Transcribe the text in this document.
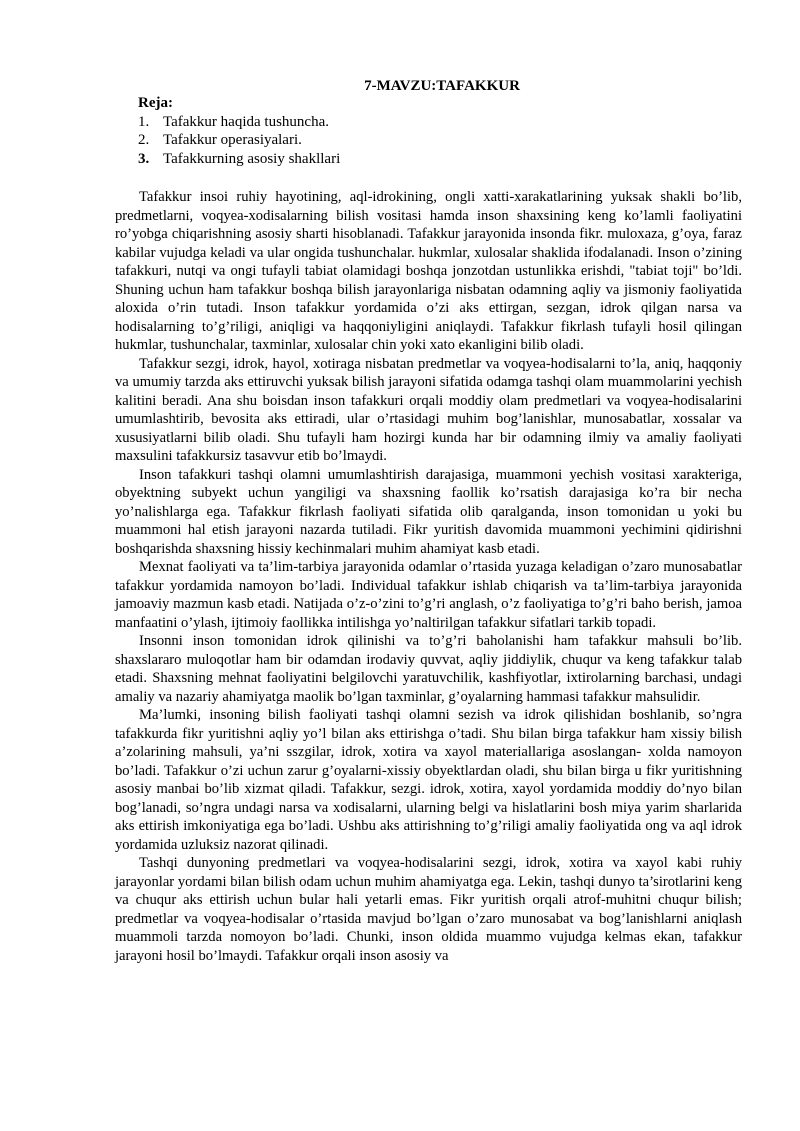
7-MAVZU:TAFAKKUR

Reja:

1. Tafakkur haqida tushuncha.
2. Tafakkur operasiyalari.
3. Tafakkurning asosiy shakllari

Tafakkur insoi ruhiy hayotining, aql-idrokining, ongli xatti-xarakatlarining yuksak shakli bo’lib, predmetlarni, voqyea-xodisalarning bilish vositasi hamda inson shaxsining keng ko’lamli faoliyatini ro’yobga chiqarishning asosiy sharti hisoblanadi. Tafakkur jarayonida insonda fikr. muloxaza, g’oya, faraz kabilar vujudga keladi va ular ongida tushunchalar. hukmlar, xulosalar shaklida ifodalanadi. Inson o’zining tafakkuri, nutqi va ongi tufayli tabiat olamidagi boshqa jonzotdan ustunlikka erishdi, "tabiat toji" bo’ldi. Shuning uchun ham tafakkur boshqa bilish jarayonlariga nisbatan odamning aqliy va jismoniy faoliyatida aloxida o’rin tutadi. Inson tafakkur yordamida o’zi aks ettirgan, sezgan, idrok qilgan narsa va hodisalarning to’g’riligi, aniqligi va haqqoniyligini aniqlaydi. Tafakkur fikrlash tufayli hosil qilingan hukmlar, tushunchalar, taxminlar, xulosalar chin yoki xato ekanligini bilib oladi.

Tafakkur sezgi, idrok, hayol, xotiraga nisbatan predmetlar va voqyea-hodisalarni to’la, aniq, haqqoniy va umumiy tarzda aks ettiruvchi yuksak bilish jarayoni sifatida odamga tashqi olam muammolarini yechish kalitini beradi. Ana shu boisdan inson tafakkuri orqali moddiy olam predmetlari va voqyea-hodisalarini umumlashtirib, bevosita aks ettiradi, ular o’rtasidagi muhim bog’lanishlar, munosabatlar, xossalar va xususiyatlarni bilib oladi. Shu tufayli ham hozirgi kunda har bir odamning ilmiy va amaliy faoliyati maxsulini tafakkursiz tasavvur etib bo’lmaydi.

Inson tafakkuri tashqi olamni umumlashtirish darajasiga, muammoni yechish vositasi xarakteriga, obyektning subyekt uchun yangiligi va shaxsning faollik ko’rsatish darajasiga ko’ra bir necha yo’nalishlarga ega. Tafakkur fikrlash faoliyati sifatida olib qaralganda, inson tomonidan u yoki bu muammoni hal etish jarayoni nazarda tutiladi. Fikr yuritish davomida muammoni yechimini qidirishni boshqarishda shaxsning hissiy kechinmalari muhim ahamiyat kasb etadi.

Mexnat faoliyati va ta’lim-tarbiya jarayonida odamlar o’rtasida yuzaga keladigan o’zaro munosabatlar tafakkur yordamida namoyon bo’ladi. Individual tafakkur ishlab chiqarish va ta’lim-tarbiya jarayonida jamoaviy mazmun kasb etadi. Natijada o’z-o’zini to’g’ri anglash, o’z faoliyatiga to’g’ri baho berish, jamoa manfaatini o’ylash, ijtimoiy faollikka intilishga yo’naltirilgan tafakkur sifatlari tarkib topadi.

Insonni inson tomonidan idrok qilinishi va to’g’ri baholanishi ham tafakkur mahsuli bo’lib. shaxslararo muloqotlar ham bir odamdan irodaviy quvvat, aqliy jiddiylik, chuqur va keng tafakkur talab etadi. Shaxsning mehnat faoliyatini belgilovchi yaratuvchilik, kashfiyotlar, ixtirolarning barchasi, undagi amaliy va nazariy ahamiyatga maolik bo’lgan taxminlar, g’oyalarning hammasi tafakkur mahsulidir.

Ma’lumki, insoning bilish faoliyati tashqi olamni sezish va idrok qilishidan boshlanib, so’ngra tafakkurda fikr yuritishni aqliy yo’l bilan aks ettirishga o’tadi. Shu bilan birga tafakkur ham xissiy bilish a’zolarining mahsuli, ya’ni sszgilar, idrok, xotira va xayol materiallariga asoslangan- xolda namoyon bo’ladi. Tafakkur o’zi uchun zarur g’oyalarni-xissiy obyektlardan oladi, shu bilan birga u fikr yuritishning asosiy manbai bo’lib xizmat qiladi. Tafakkur, sezgi. idrok, xotira, xayol yordamida moddiy do’nyo bilan bog’lanadi, so’ngra undagi narsa va xodisalarni, ularning belgi va hislatlarini bosh miya yarim sharlarida aks ettirish imkoniyatiga ega bo’ladi. Ushbu aks attirishning to’g’riligi amaliy faoliyatida ong va aql idrok yordamida uzluksiz nazorat qilinadi.

Tashqi dunyoning predmetlari va voqyea-hodisalarini sezgi, idrok, xotira va xayol kabi ruhiy jarayonlar yordami bilan bilish odam uchun muhim ahamiyatga ega. Lekin, tashqi dunyo ta’sirotlarini keng va chuqur aks ettirish uchun bular hali yetarli emas. Fikr yuritish orqali atrof-muhitni chuqur bilish; predmetlar va voqyea-hodisalar o’rtasida mavjud bo’lgan o’zaro munosabat va bog’lanishlarni aniqlash muammoli tarzda nomoyon bo’ladi. Chunki, inson oldida muammo vujudga kelmas ekan, tafakkur jarayoni hosil bo’lmaydi. Tafakkur orqali inson asosiy va
